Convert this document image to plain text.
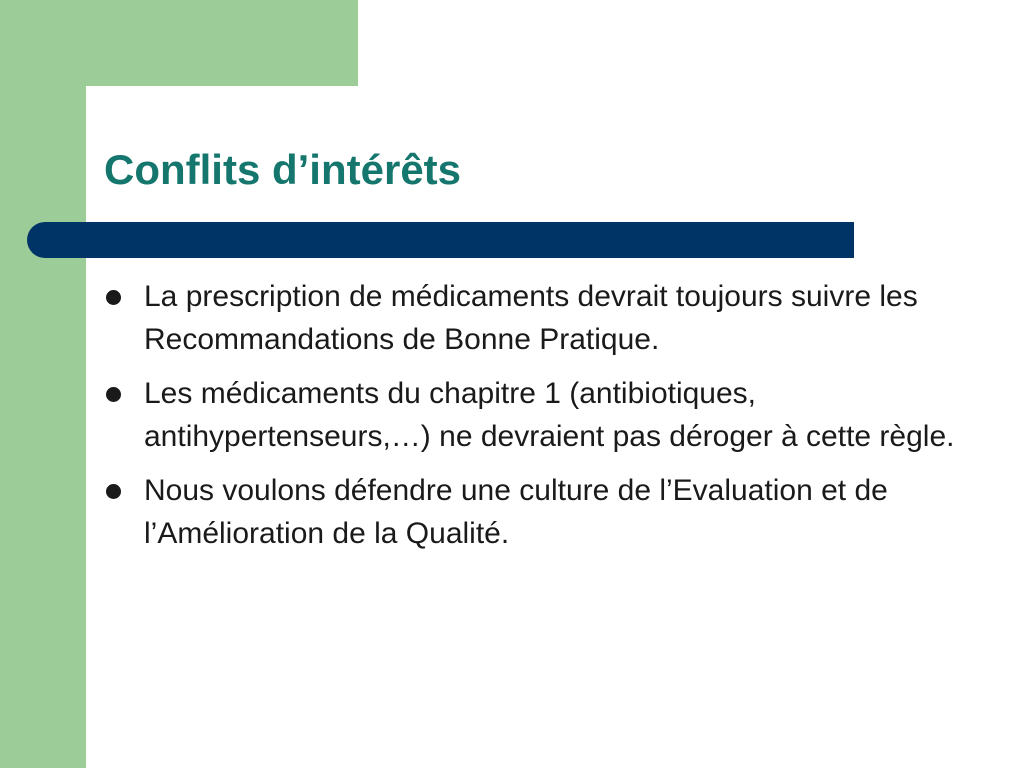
Conflits d’intérêts
La prescription de médicaments devrait toujours suivre les Recommandations de Bonne Pratique.
Les médicaments du chapitre 1 (antibiotiques, antihypertenseurs,…) ne devraient pas déroger à cette règle.
Nous voulons défendre une culture de l’Evaluation et de l’Amélioration de la Qualité.
